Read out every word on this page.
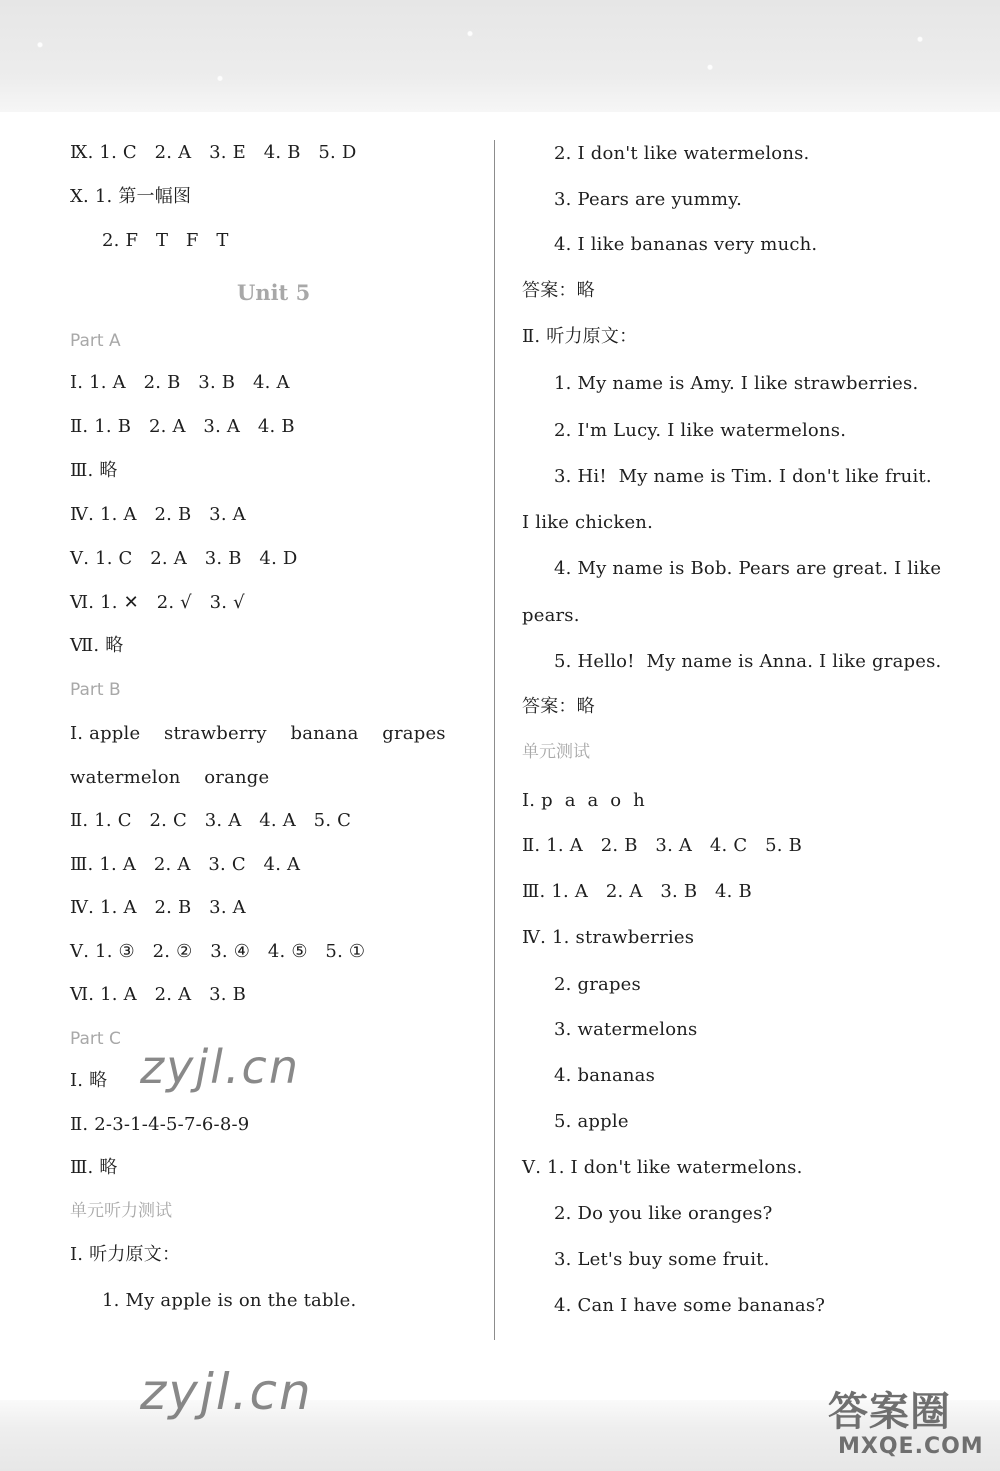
Ⅸ. 1. C   2. A   3. E   4. B   5. D
Ⅹ. 1. 第一幅图
2. F   T   F   T
Unit 5
Part A
Ⅰ. 1. A   2. B   3. B   4. A
Ⅱ. 1. B   2. A   3. A   4. B
Ⅲ. 略
Ⅳ. 1. A   2. B   3. A
Ⅴ. 1. C   2. A   3. B   4. D
Ⅵ. 1. ✕   2. √   3. √
Ⅶ. 略
Part B
Ⅰ. apple    strawberry    banana    grapes
watermelon    orange
Ⅱ. 1. C   2. C   3. A   4. A   5. C
Ⅲ. 1. A   2. A   3. C   4. A
Ⅳ. 1. A   2. B   3. A
Ⅴ. 1. ③   2. ②   3. ④   4. ⑤   5. ①
Ⅵ. 1. A   2. A   3. B
Part C
Ⅰ. 略
Ⅱ. 2-3-1-4-5-7-6-8-9
Ⅲ. 略
单元听力测试
Ⅰ. 听力原文：
1. My apple is on the table.
2. I don't like watermelons.
3. Pears are yummy.
4. I like bananas very much.
答案：略
Ⅱ. 听力原文：
1. My name is Amy. I like strawberries.
2. I'm Lucy. I like watermelons.
3. Hi!  My name is Tim. I don't like fruit.
I like chicken.
4. My name is Bob. Pears are great. I like
pears.
5. Hello!  My name is Anna. I like grapes.
答案：略
单元测试
Ⅰ. p  a  a  o  h
Ⅱ. 1. A   2. B   3. A   4. C   5. B
Ⅲ. 1. A   2. A   3. B   4. B
Ⅳ. 1. strawberries
2. grapes
3. watermelons
4. bananas
5. apple
Ⅴ. 1. I don't like watermelons.
2. Do you like oranges?
3. Let's buy some fruit.
4. Can I have some bananas?
zyjl.cn
zyjl.cn	答案圈
MXQE.COM
